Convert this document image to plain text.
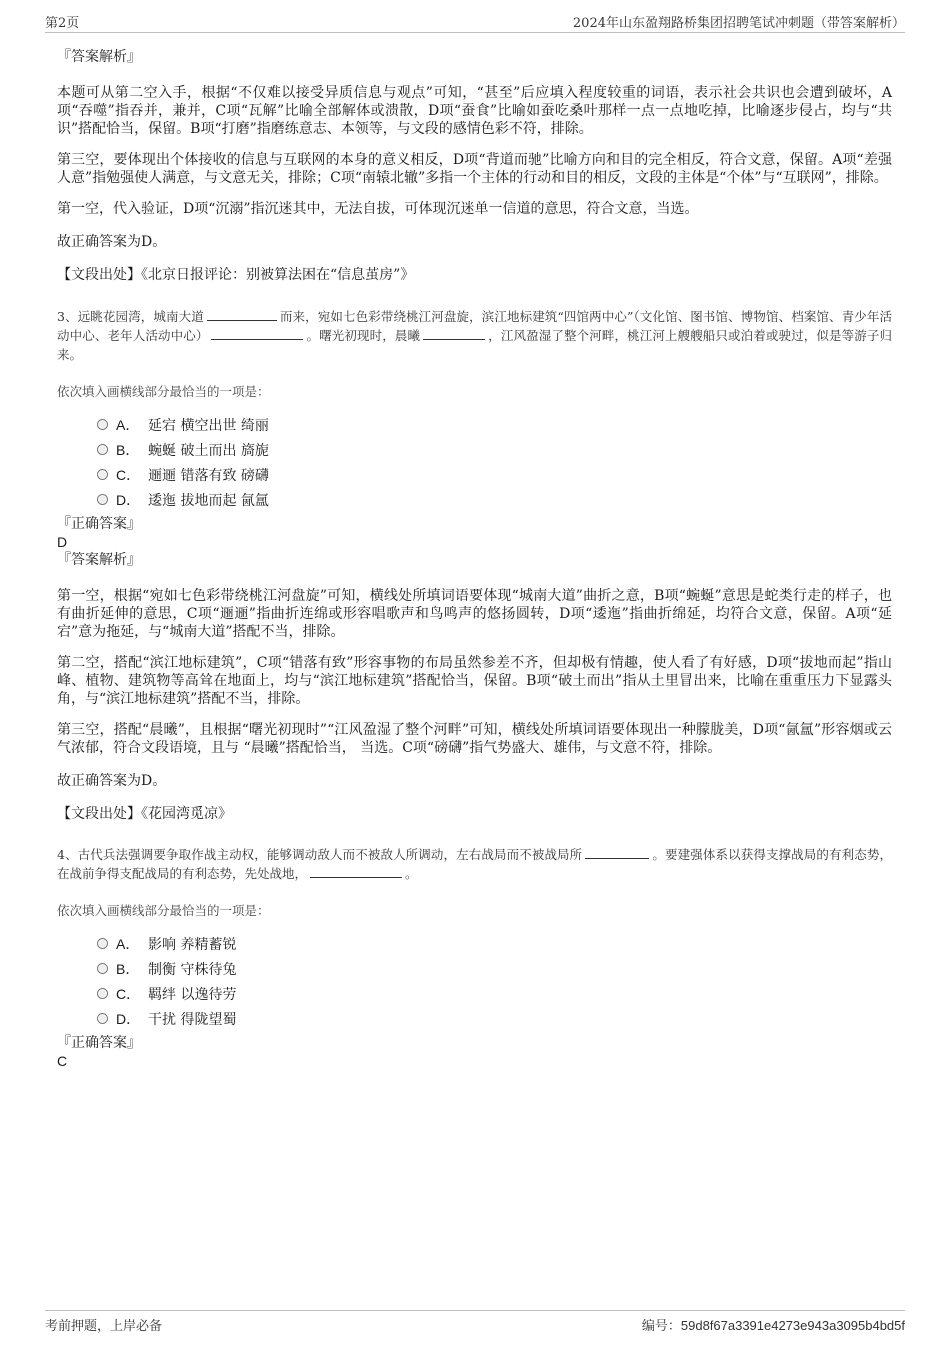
第2页	2024年山东盈翔路桥集团招聘笔试冲刺题（带答案解析）

『答案解析』

本题可从第二空入手，根据“不仅难以接受异质信息与观点”可知，“甚至”后应填入程度较重的词语，表示社会共识也会遭到破坏，A项“吞噬”指吞并，兼并，C项“瓦解”比喻全部解体或溃散，D项“蚕食”比喻如蚕吃桑叶那样一点一点地吃掉，比喻逐步侵占，均与“共识”搭配恰当，保留。B项“打磨”指磨练意志、本领等，与文段的感情色彩不符，排除。

第三空，要体现出个体接收的信息与互联网的本身的意义相反，D项“背道而驰”比喻方向和目的完全相反，符合文意，保留。A项“差强人意”指勉强使人满意，与文意无关，排除；C项“南辕北辙”多指一个主体的行动和目的相反，文段的主体是“个体”与“互联网”，排除。

第一空，代入验证，D项“沉溺”指沉迷其中，无法自拔，可体现沉迷单一信道的意思，符合文意，当选。

故正确答案为D。

【文段出处】《北京日报评论：别被算法困在“信息茧房”》

3、远眺花园湾，城南大道	而来，宛如七色彩带绕桃江河盘旋，滨江地标建筑“四馆两中心”（文化馆、图书馆、博物馆、档案馆、青少年活动中心、老年人活动中心）	。曙光初现时，晨曦	，江风盈湿了整个河畔，桃江河上艘艘船只或泊着或驶过，似是等游子归来。

依次填入画横线部分最恰当的一项是：

A． 延宕 横空出世 绮丽
B． 蜿蜒 破土而出 旖旎
C． 逦逦 错落有致 磅礴
D． 逶迤 拔地而起 氤氲

『正确答案』

D

『答案解析』

第一空，根据“宛如七色彩带绕桃江河盘旋”可知，横线处所填词语要体现“城南大道”曲折之意，B项“蜿蜒”意思是蛇类行走的样子，也有曲折延伸的意思，C项“逦逦”指曲折连绵或形容唱歌声和鸟鸣声的悠扬圆转，D项“逶迤”指曲折绵延，均符合文意，保留。A项“延宕”意为拖延，与“城南大道”搭配不当，排除。

第二空，搭配“滨江地标建筑”，C项“错落有致”形容事物的布局虽然参差不齐，但却极有情趣，使人看了有好感，D项“拔地而起”指山峰、植物、建筑物等高耸在地面上，均与“滨江地标建筑”搭配恰当，保留。B项“破土而出”指从土里冒出来，比喻在重重压力下显露头角，与“滨江地标建筑”搭配不当，排除。

第三空，搭配“晨曦”，且根据“曙光初现时”“江风盈湿了整个河畔”可知，横线处所填词语要体现出一种朦胧美，D项“氤氲”形容烟或云气浓郁，符合文段语境，且与 “晨曦”搭配恰当， 当选。C项“磅礴”指气势盛大、雄伟，与文意不符，排除。

故正确答案为D。

【文段出处】《花园湾觅凉》

4、古代兵法强调要争取作战主动权，能够调动敌人而不被敌人所调动，左右战局而不被战局所	。要建强体系以获得支撑战局的有利态势，在战前争得支配战局的有利态势，先处战地，	。

依次填入画横线部分最恰当的一项是：

A． 影响 养精蓄锐
B． 制衡 守株待兔
C． 羁绊 以逸待劳
D． 干扰 得陇望蜀

『正确答案』

C

考前押题，上岸必备	编号：59d8f67a3391e4273e943a3095b4bd5f
